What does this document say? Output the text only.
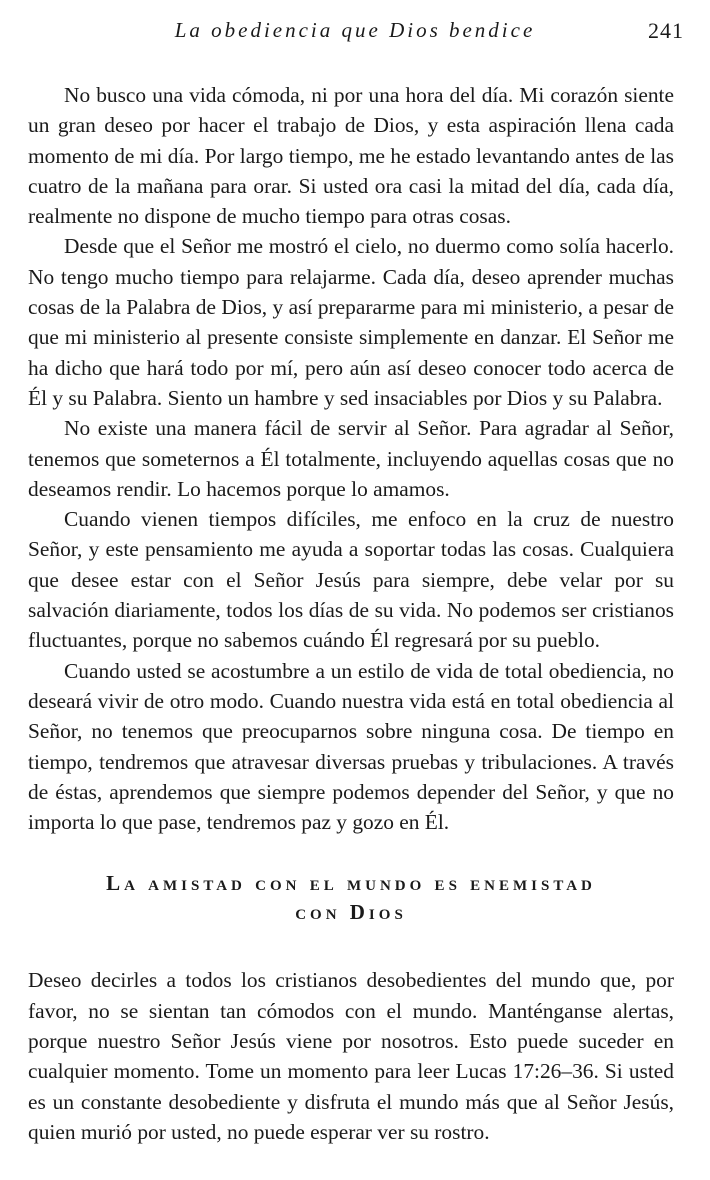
La obediencia que Dios bendice	241

No busco una vida cómoda, ni por una hora del día. Mi corazón siente un gran deseo por hacer el trabajo de Dios, y esta aspiración llena cada momento de mi día. Por largo tiempo, me he estado levantando antes de las cuatro de la mañana para orar. Si usted ora casi la mitad del día, cada día, realmente no dispone de mucho tiempo para otras cosas.

Desde que el Señor me mostró el cielo, no duermo como solía hacerlo. No tengo mucho tiempo para relajarme. Cada día, deseo aprender muchas cosas de la Palabra de Dios, y así prepararme para mi ministerio, a pesar de que mi ministerio al presente consiste simplemente en danzar. El Señor me ha dicho que hará todo por mí, pero aún así deseo conocer todo acerca de Él y su Palabra. Siento un hambre y sed insaciables por Dios y su Palabra.

No existe una manera fácil de servir al Señor. Para agradar al Señor, tenemos que someternos a Él totalmente, incluyendo aquellas cosas que no deseamos rendir. Lo hacemos porque lo amamos.

Cuando vienen tiempos difíciles, me enfoco en la cruz de nuestro Señor, y este pensamiento me ayuda a soportar todas las cosas. Cualquiera que desee estar con el Señor Jesús para siempre, debe velar por su salvación diariamente, todos los días de su vida. No podemos ser cristianos fluctuantes, porque no sabemos cuándo Él regresará por su pueblo.

Cuando usted se acostumbre a un estilo de vida de total obediencia, no deseará vivir de otro modo. Cuando nuestra vida está en total obediencia al Señor, no tenemos que preocuparnos sobre ninguna cosa. De tiempo en tiempo, tendremos que atravesar diversas pruebas y tribulaciones. A través de éstas, aprendemos que siempre podemos depender del Señor, y que no importa lo que pase, tendremos paz y gozo en Él.

La amistad con el mundo es enemistad
con Dios

Deseo decirles a todos los cristianos desobedientes del mundo que, por favor, no se sientan tan cómodos con el mundo. Manténganse alertas, porque nuestro Señor Jesús viene por nosotros. Esto puede suceder en cualquier momento. Tome un momento para leer Lucas 17:26–36. Si usted es un constante desobediente y disfruta el mundo más que al Señor Jesús, quien murió por usted, no puede esperar ver su rostro.
